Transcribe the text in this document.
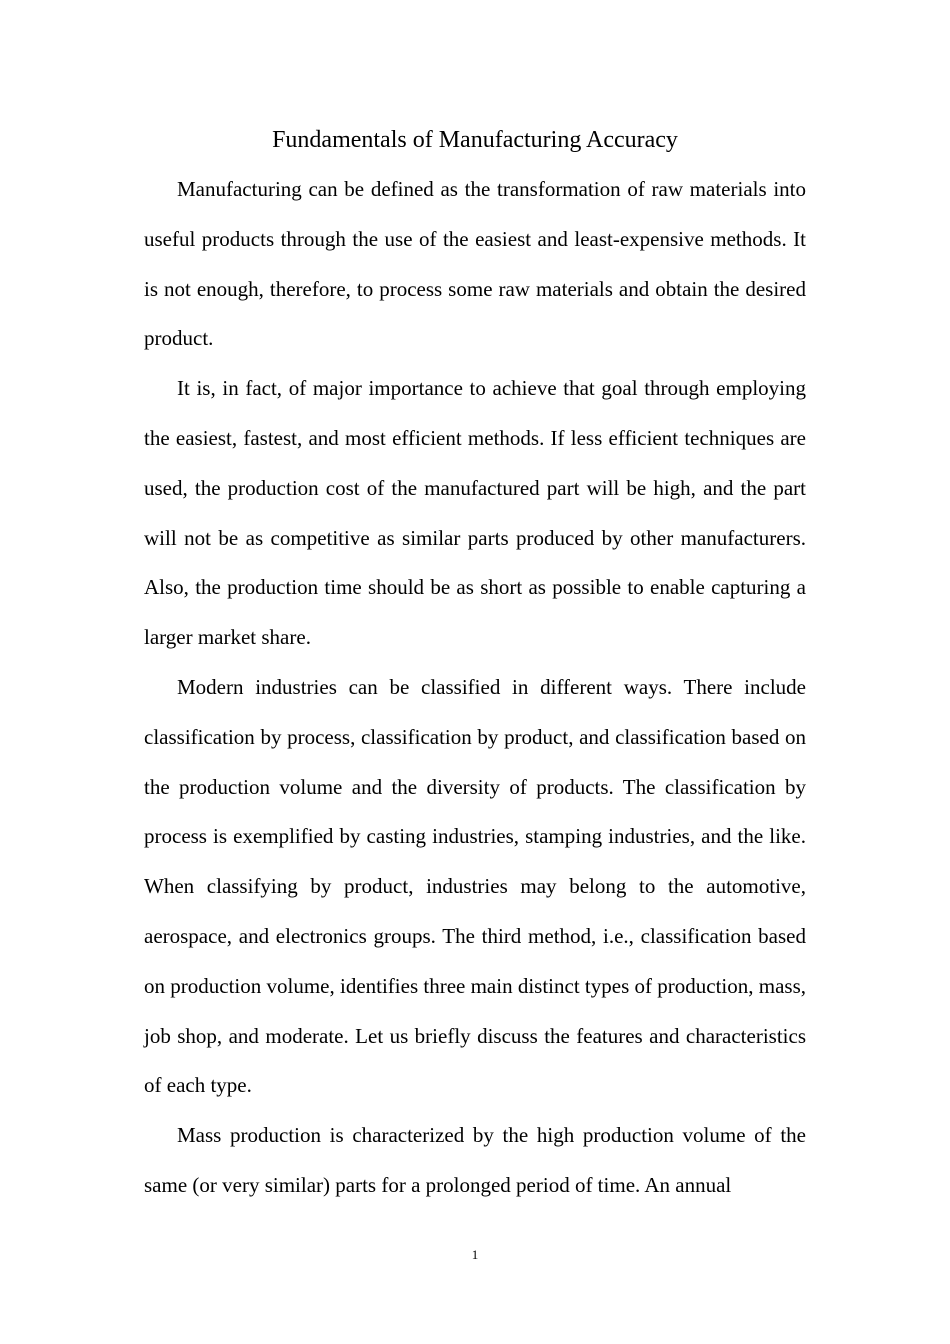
Fundamentals of Manufacturing Accuracy

Manufacturing can be defined as the transformation of raw materials into useful products through the use of the easiest and least-expensive methods. It is not enough, therefore, to process some raw materials and obtain the desired product.

It is, in fact, of major importance to achieve that goal through employing the easiest, fastest, and most efficient methods. If less efficient techniques are used, the production cost of the manufactured part will be high, and the part will not be as competitive as similar parts produced by other manufacturers. Also, the production time should be as short as possible to enable capturing a larger market share.

Modern industries can be classified in different ways. There include classification by process, classification by product, and classification based on the production volume and the diversity of products. The classification by process is exemplified by casting industries, stamping industries, and the like. When classifying by product, industries may belong to the automotive, aerospace, and electronics groups. The third method, i.e., classification based on production volume, identifies three main distinct types of production, mass, job shop, and moderate. Let us briefly discuss the features and characteristics of each type.

Mass production is characterized by the high production volume of the same (or very similar) parts for a prolonged period of time. An annual

1
